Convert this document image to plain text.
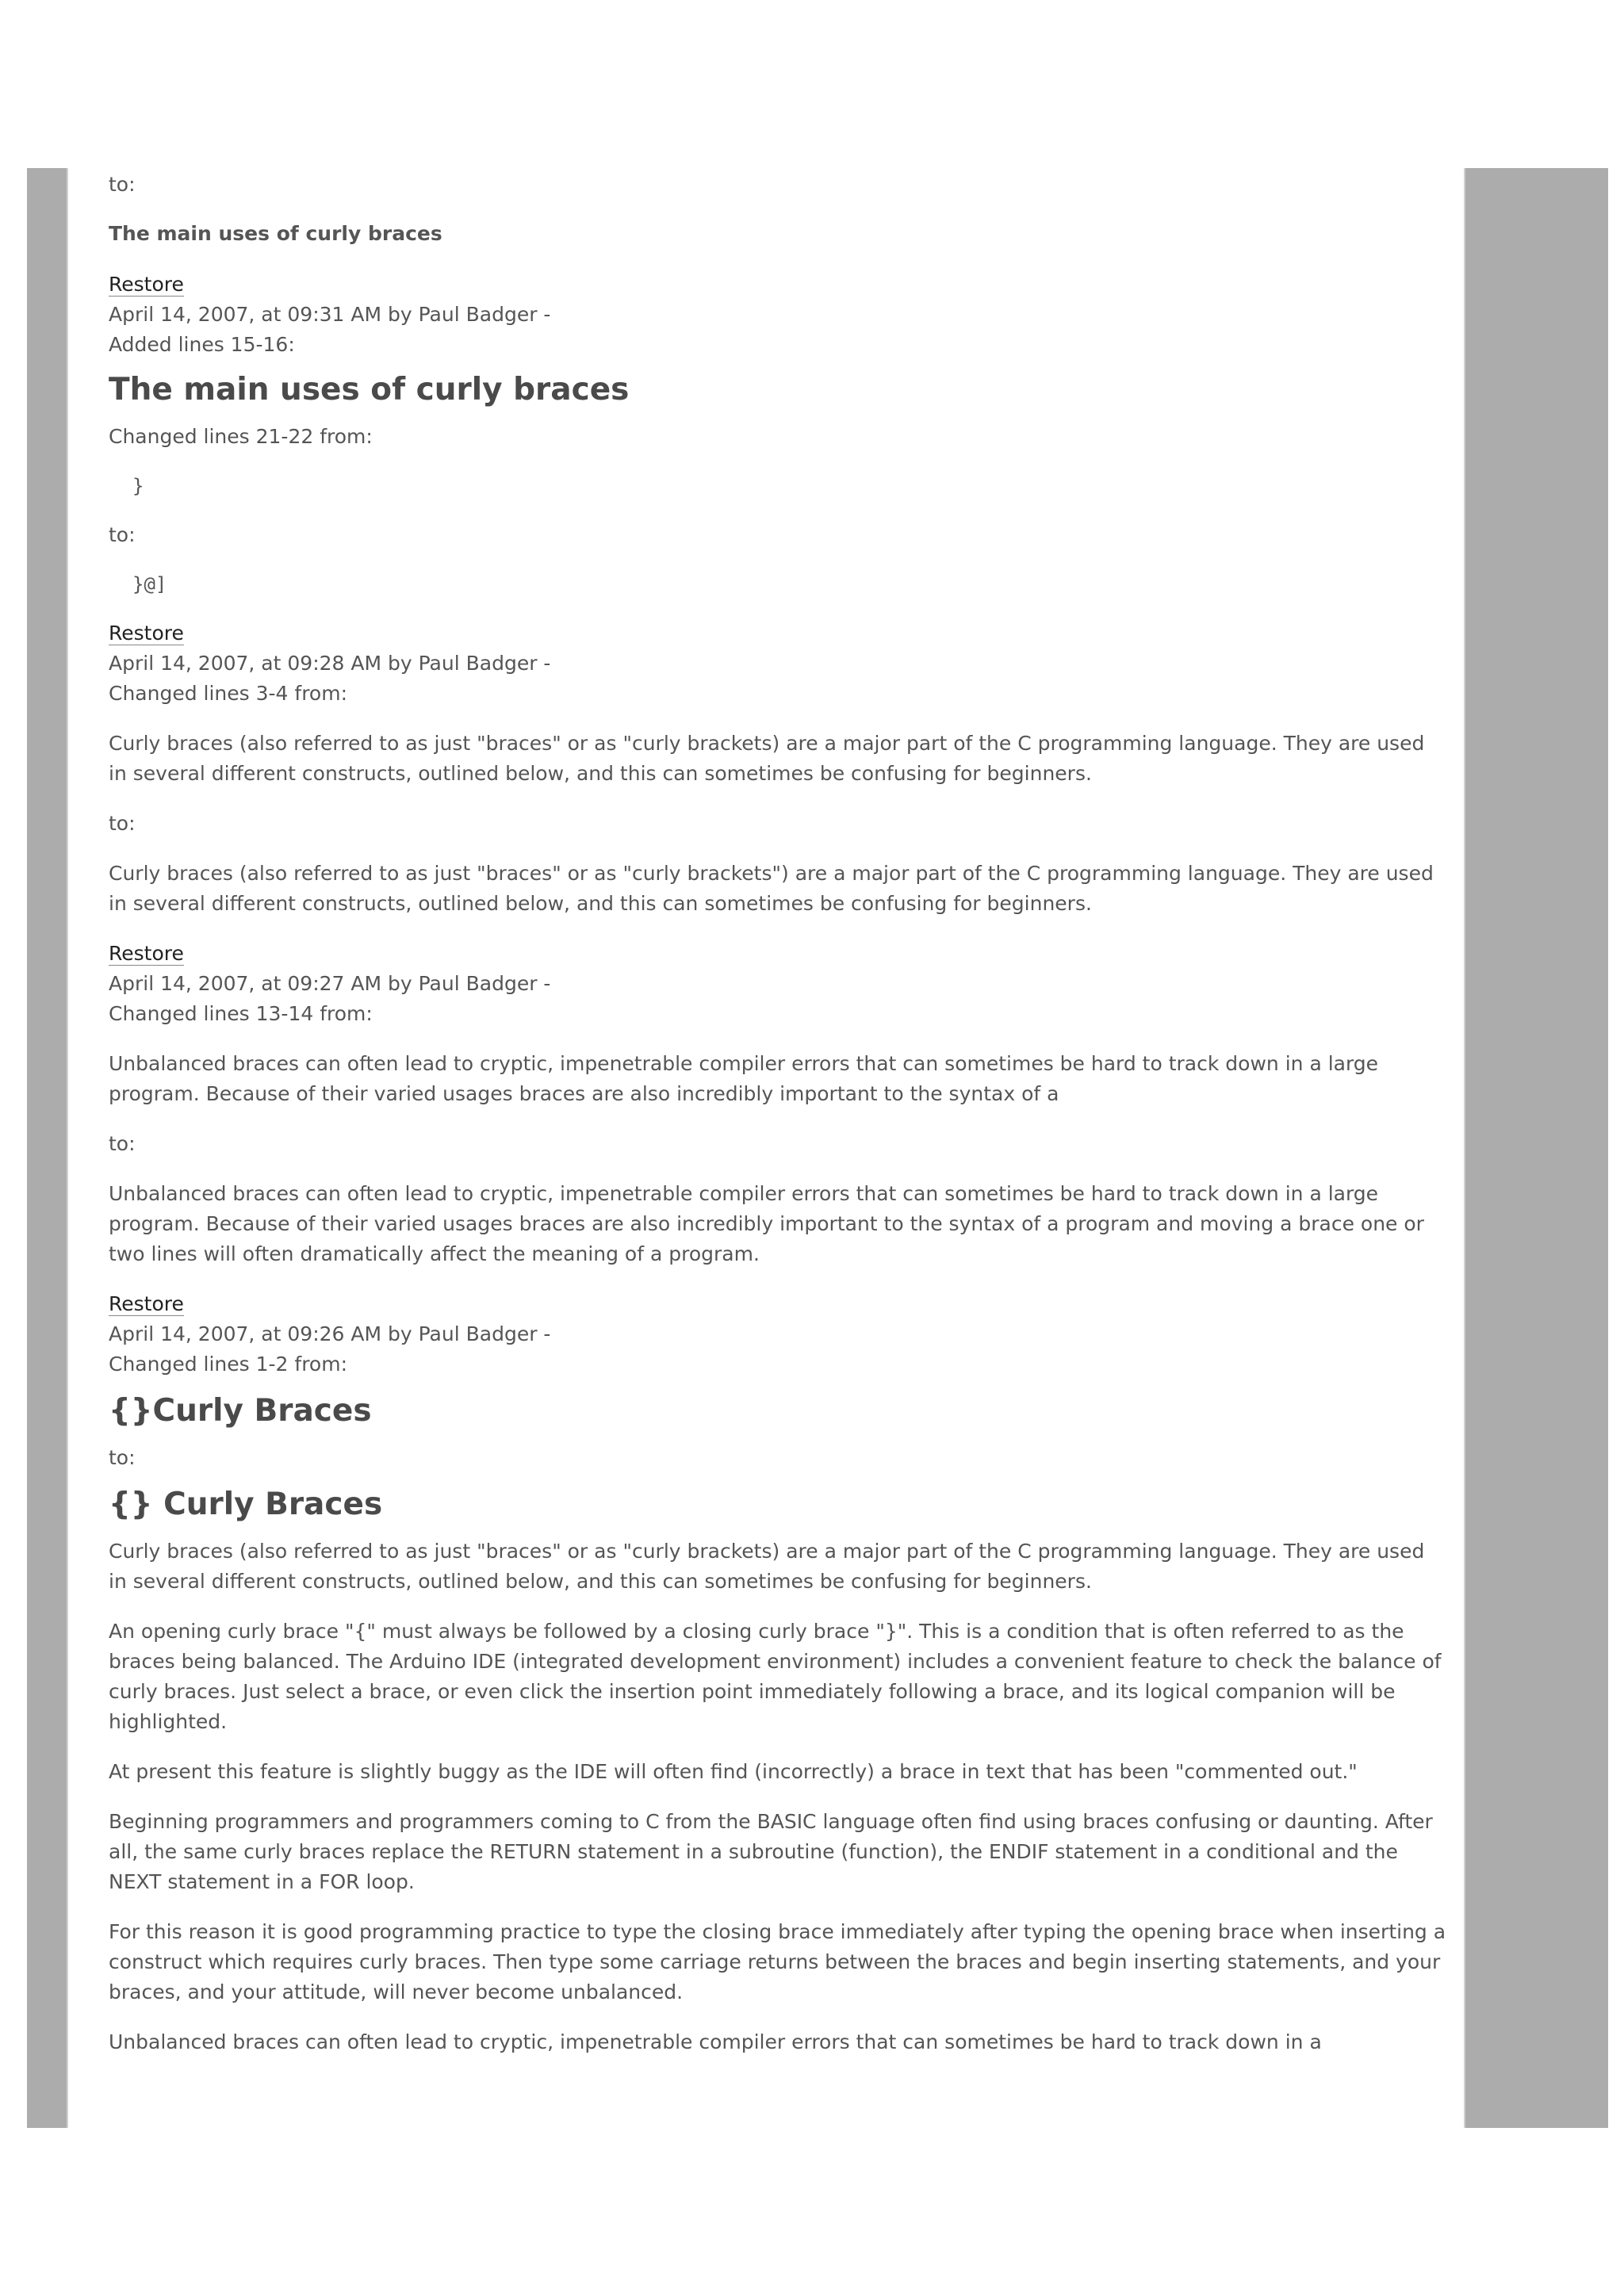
to:

The main uses of curly braces

Restore

April 14, 2007, at 09:31 AM by Paul Badger -

Added lines 15-16:

The main uses of curly braces

Changed lines 21-22 from:

}

to:

}@]
Restore

April 14, 2007, at 09:28 AM by Paul Badger -

Changed lines 3-4 from:

Curly braces (also referred to as just "braces" or as "curly brackets) are a major part of the C programming language. They are used in several different constructs, outlined below, and this can sometimes be confusing for beginners.

to:

Curly braces (also referred to as just "braces" or as "curly brackets") are a major part of the C programming language. They are used in several different constructs, outlined below, and this can sometimes be confusing for beginners.

Restore

April 14, 2007, at 09:27 AM by Paul Badger -

Changed lines 13-14 from:

Unbalanced braces can often lead to cryptic, impenetrable compiler errors that can sometimes be hard to track down in a large program. Because of their varied usages braces are also incredibly important to the syntax of a

to:

Unbalanced braces can often lead to cryptic, impenetrable compiler errors that can sometimes be hard to track down in a large program. Because of their varied usages braces are also incredibly important to the syntax of a program and moving a brace one or two lines will often dramatically affect the meaning of a program.

Restore

April 14, 2007, at 09:26 AM by Paul Badger -

Changed lines 1-2 from:

{}Curly Braces

to:

{} Curly Braces

Curly braces (also referred to as just "braces" or as "curly brackets) are a major part of the C programming language. They are used in several different constructs, outlined below, and this can sometimes be confusing for beginners.

An opening curly brace "{" must always be followed by a closing curly brace "}". This is a condition that is often referred to as the braces being balanced. The Arduino IDE (integrated development environment) includes a convenient feature to check the balance of curly braces. Just select a brace, or even click the insertion point immediately following a brace, and its logical companion will be highlighted.

At present this feature is slightly buggy as the IDE will often find (incorrectly) a brace in text that has been "commented out."

Beginning programmers and programmers coming to C from the BASIC language often find using braces confusing or daunting. After all, the same curly braces replace the RETURN statement in a subroutine (function), the ENDIF statement in a conditional and the NEXT statement in a FOR loop.

For this reason it is good programming practice to type the closing brace immediately after typing the opening brace when inserting a construct which requires curly braces. Then type some carriage returns between the braces and begin inserting statements, and your braces, and your attitude, will never become unbalanced.

Unbalanced braces can often lead to cryptic, impenetrable compiler errors that can sometimes be hard to track down in a
